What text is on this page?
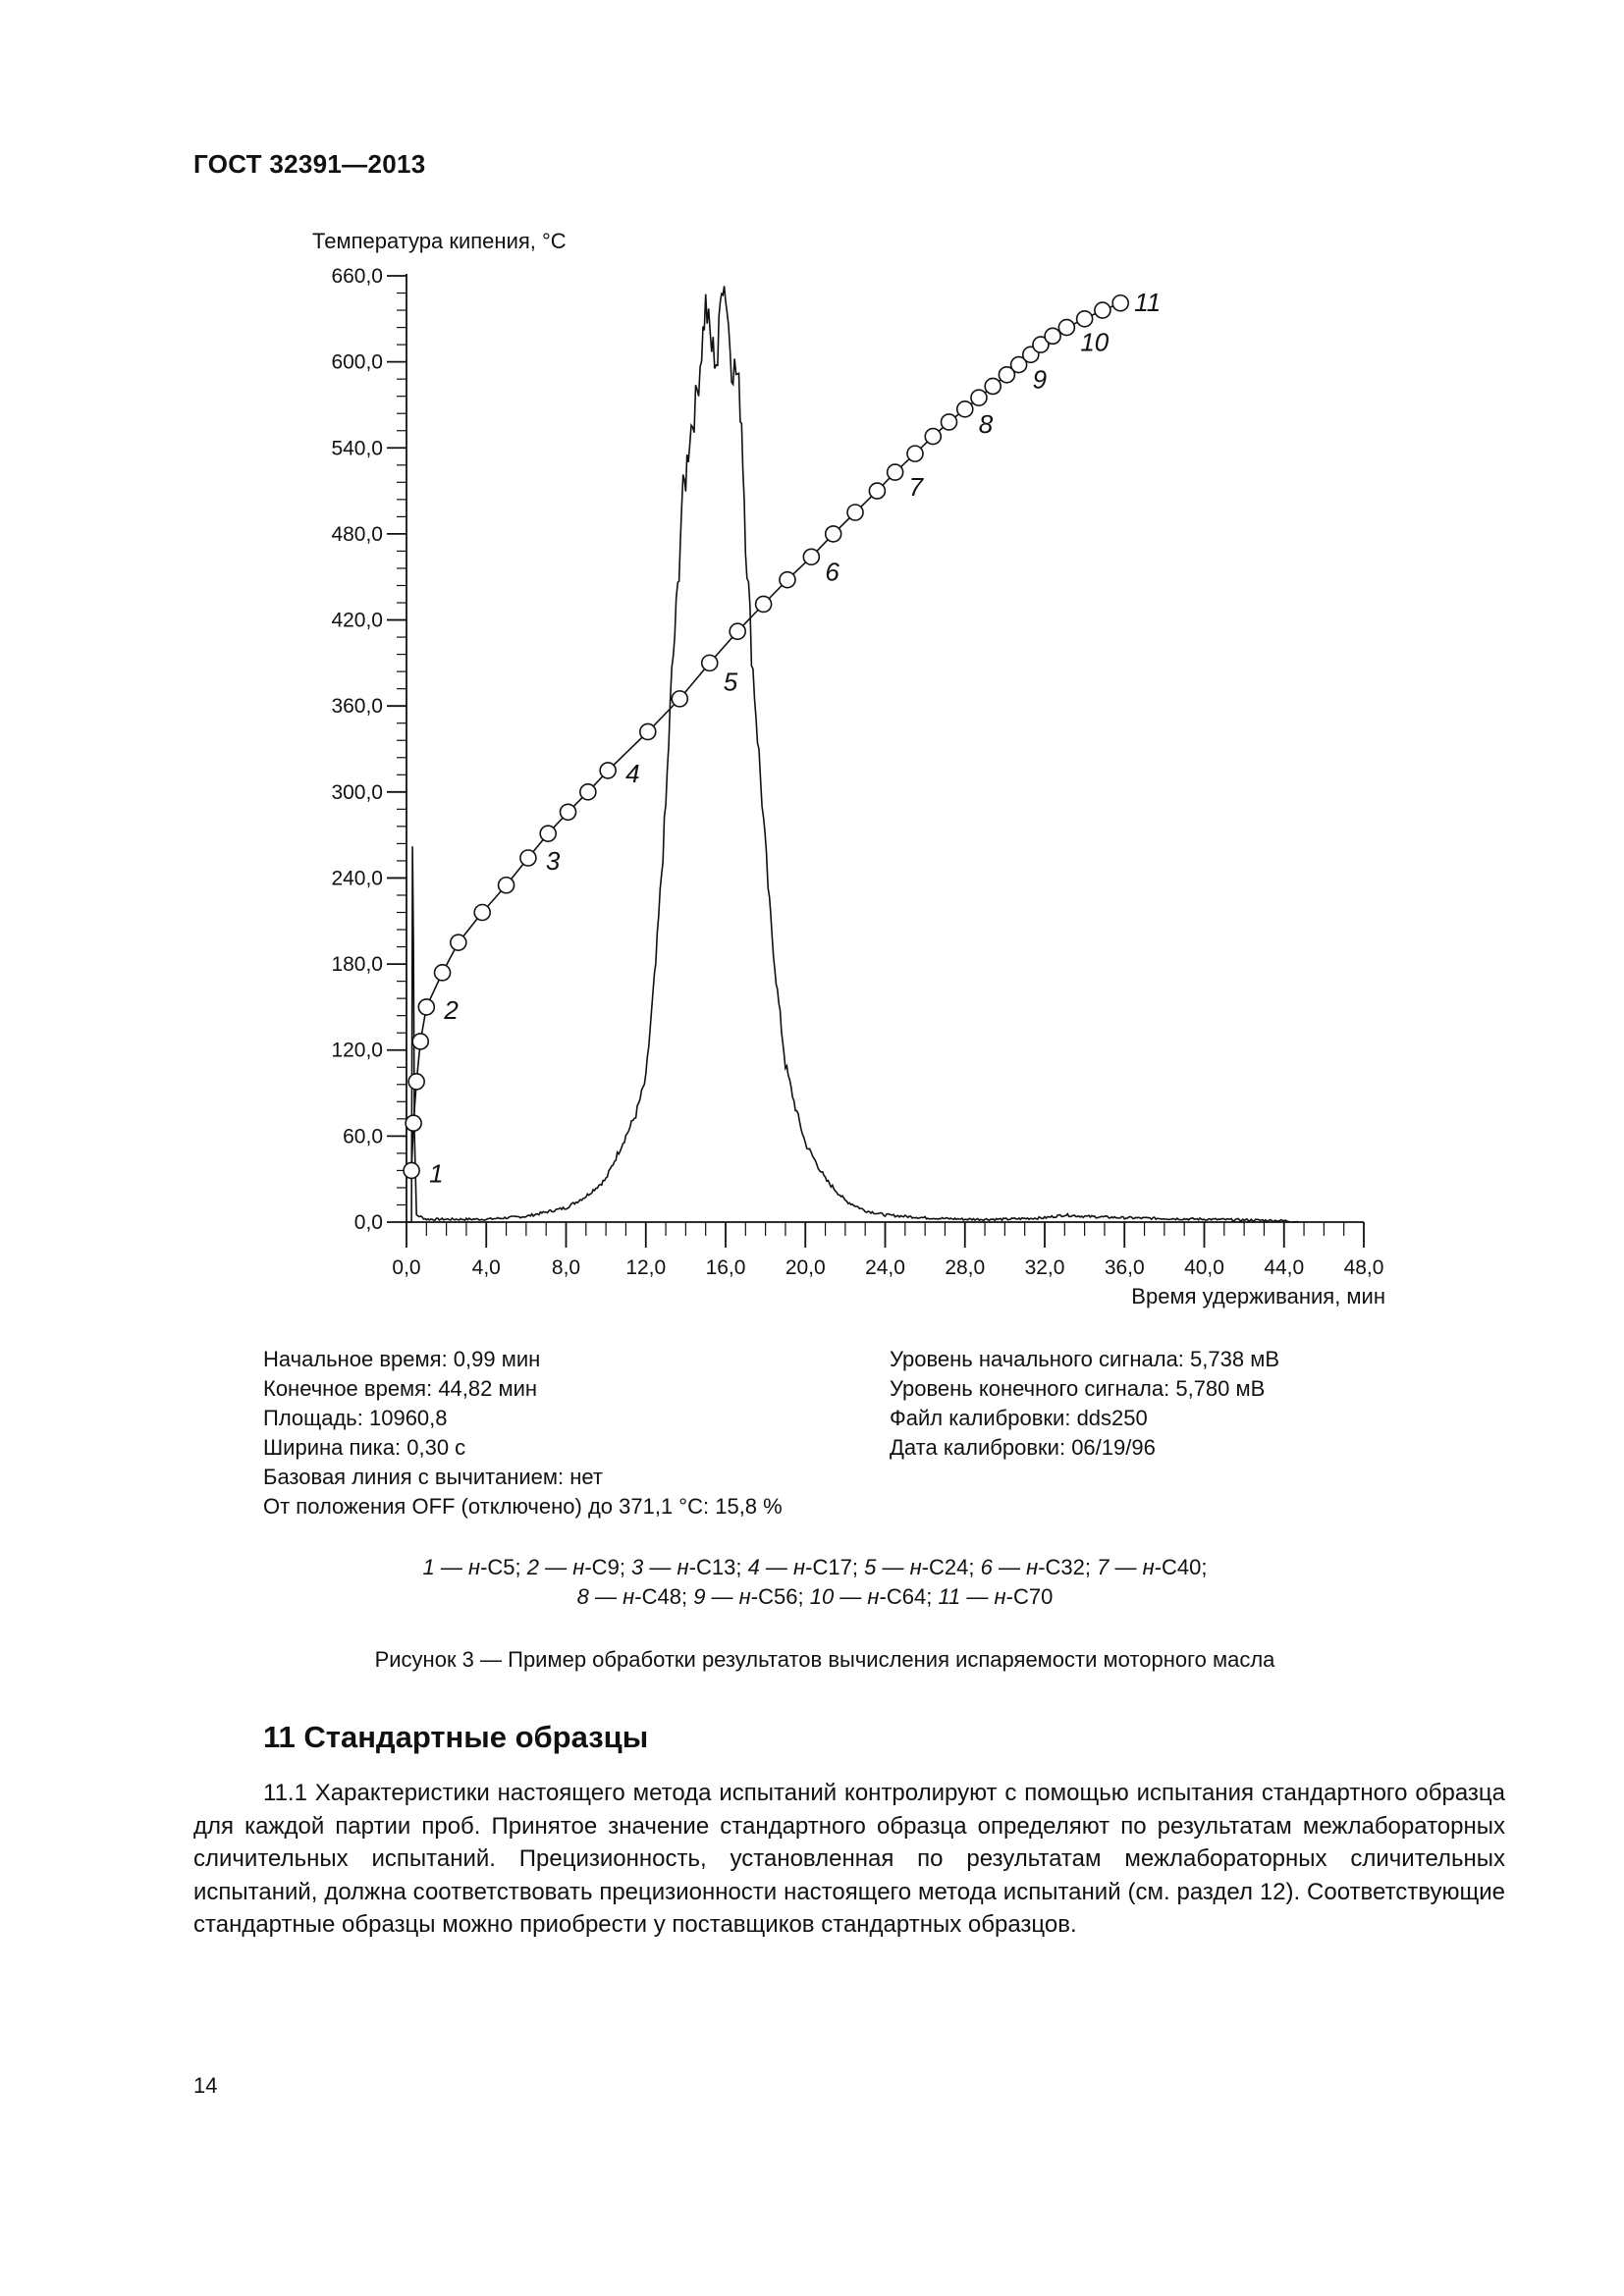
ГОСТ 32391—2013
0,0
60,0
120,0
180,0
240,0
300,0
360,0
420,0
480,0
540,0
600,0
660,0
0,0 4,0 8,0 12,0 16,0 20,0 24,0 28,0 32,0 36,0 40,0 44,0 48,0
Температура кипения, °С
Время удерживания, мин
1
2
3
4
5
6
7
8
9
10
11
Начальное время: 0,99 мин
Конечное время: 44,82 мин
Площадь: 10960,8
Ширина пика: 0,30 с
Базовая линия с вычитанием: нет
От положения OFF (отключено) до 371,1 °С: 15,8 %
Уровень начального сигнала: 5,738 мВ
Уровень конечного сигнала: 5,780 мВ
Файл калибровки: dds250
Дата калибровки: 06/19/96
1 — н-С5; 2 — н-С9; 3 — н-С13; 4 — н-С17; 5 — н-С24; 6 — н-С32; 7 — н-С40;
8 — н-С48; 9 — н-С56; 10 — н-С64; 11 — н-С70
Рисунок 3 — Пример обработки результатов вычисления испаряемости моторного масла
11 Стандартные образцы
11.1 Характеристики настоящего метода испытаний контролируют с помощью испытания стандартного образца для каждой партии проб. Принятое значение стандартного образца определяют по результатам межлабораторных сличительных испытаний. Прецизионность, установленная по результатам межлабораторных сличительных испытаний, должна соответствовать прецизионности настоящего метода испытаний (см. раздел 12). Соответствующие стандартные образцы можно приобрести у поставщиков стандартных образцов.
14
